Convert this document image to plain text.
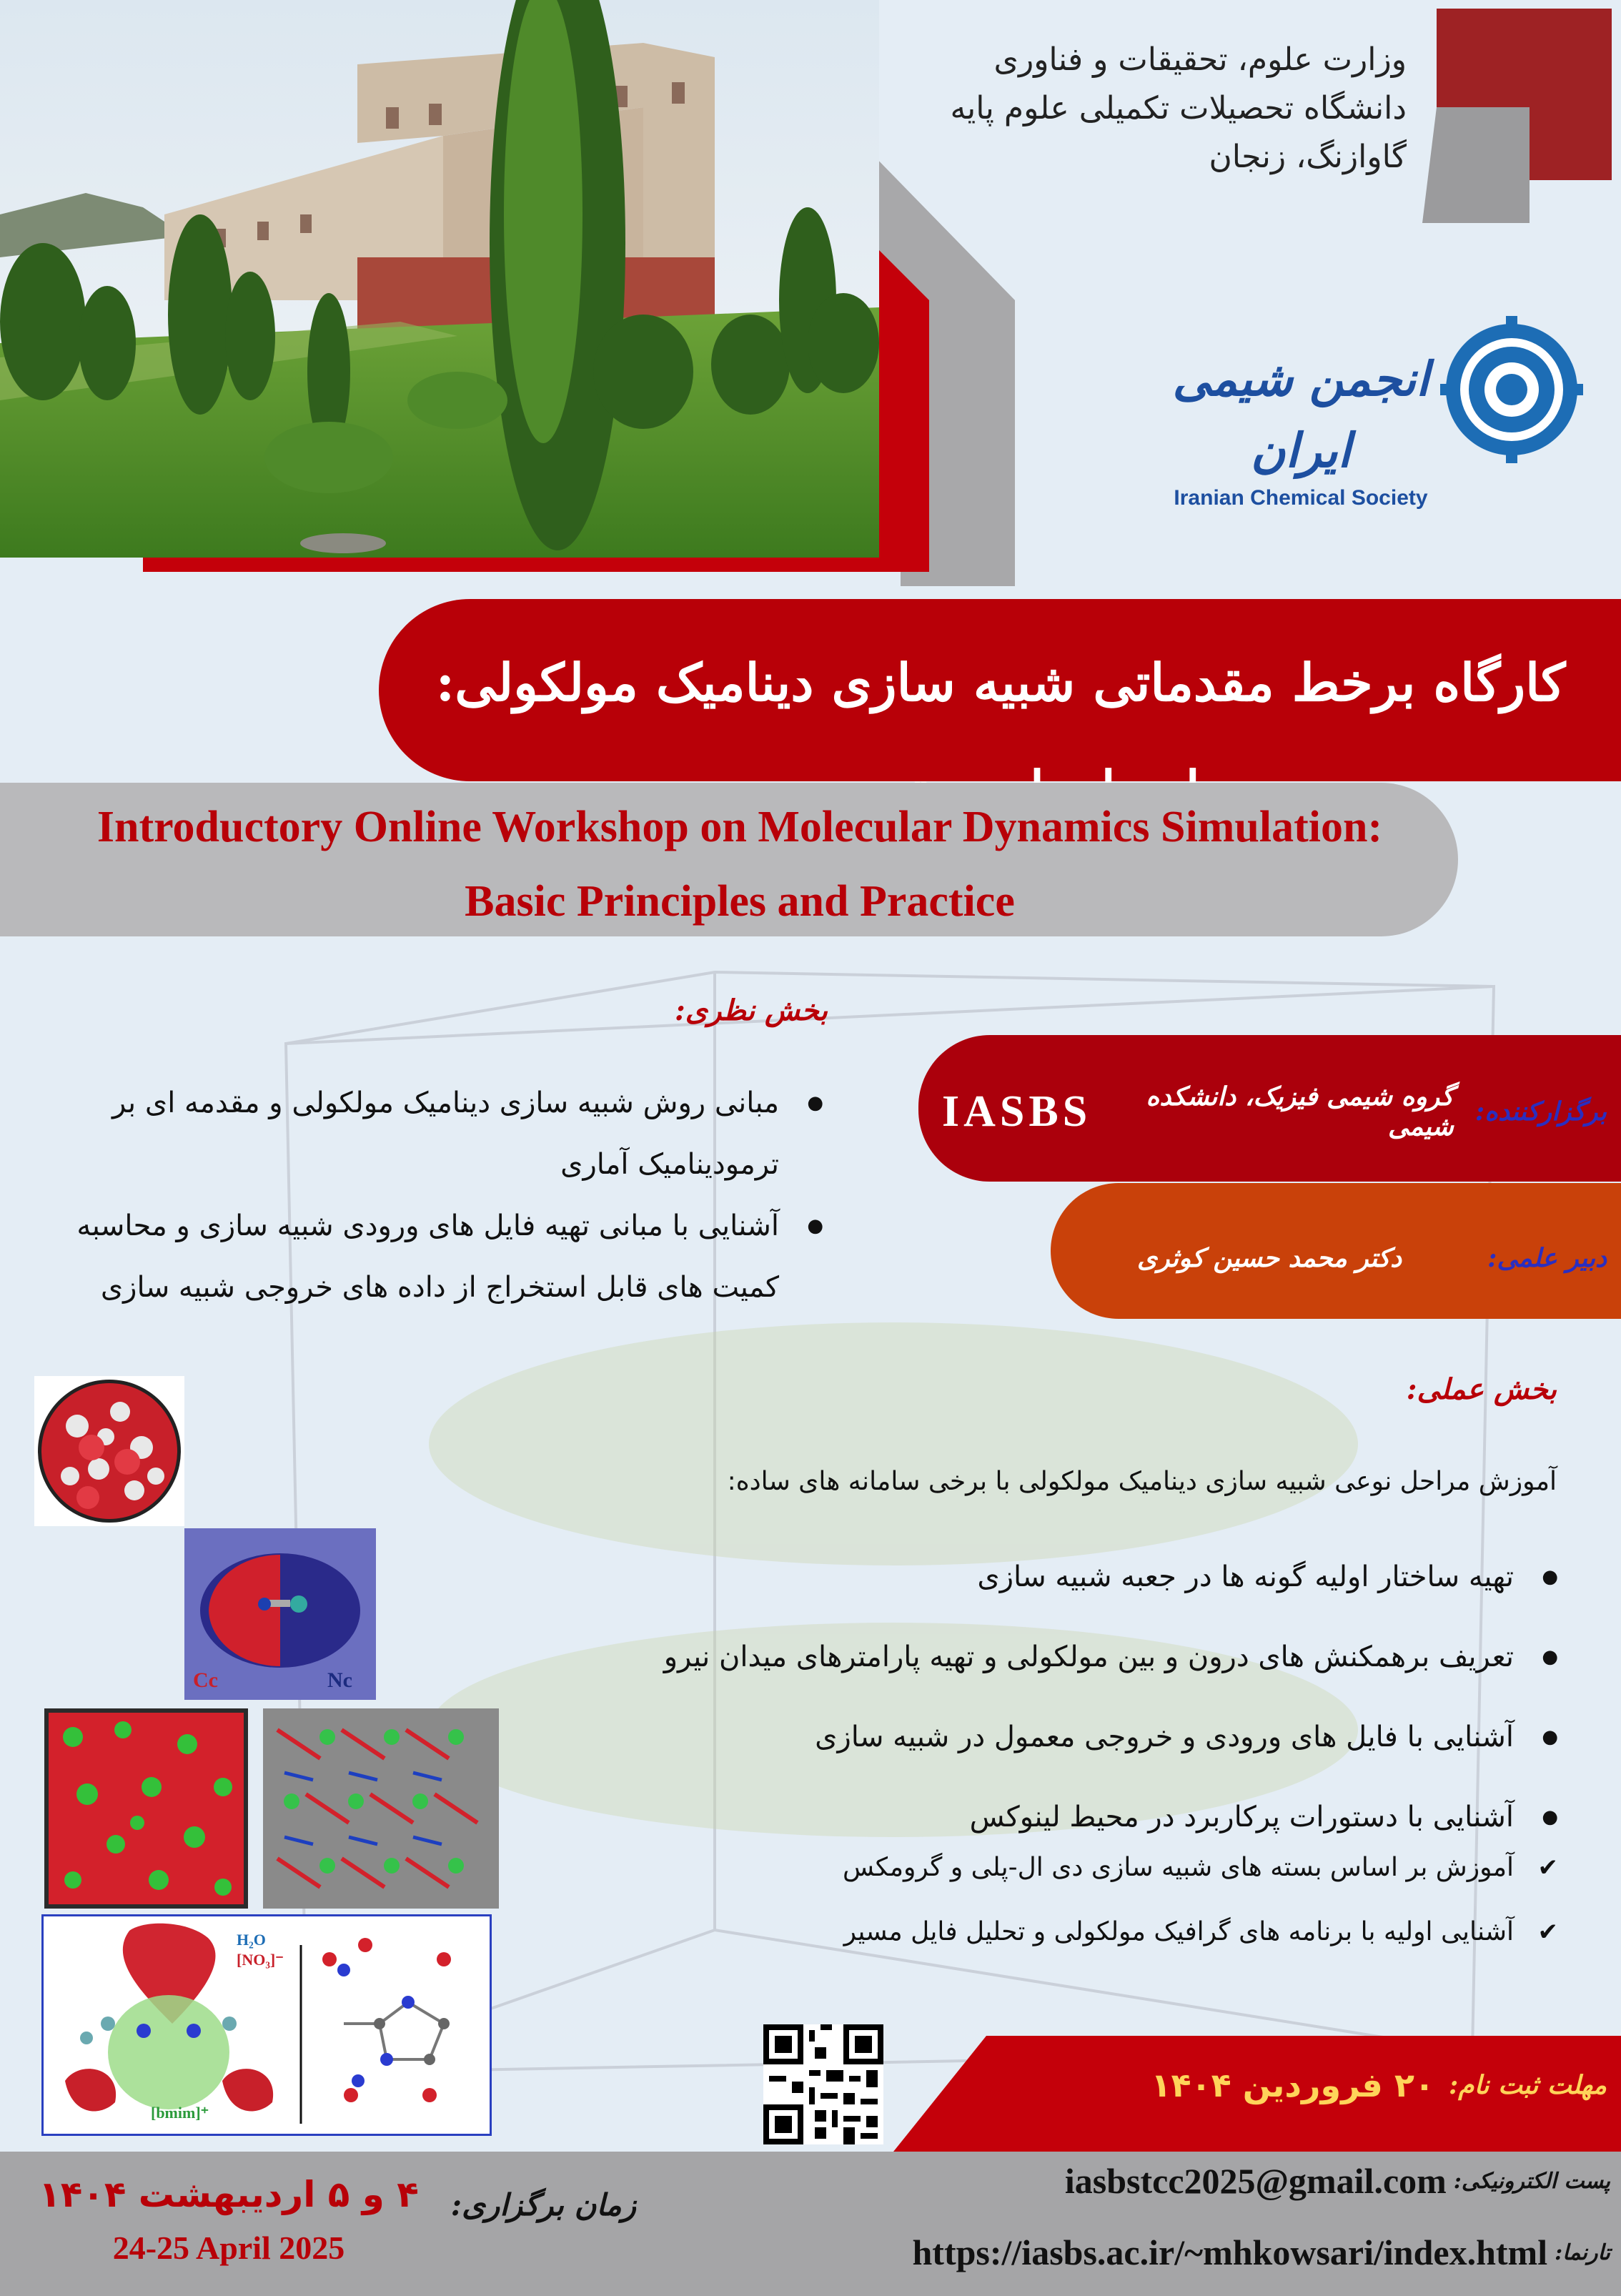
وزارت علوم، تحقیقات و فناوری
دانشگاه تحصیلات تکمیلی علوم پایه
گاوازنگ، زنجان
انجمن شیمی ایران
Iranian Chemical Society
کارگاه برخط مقدماتی شبیه سازی دینامیک مولکولی:
Introductory Online Workshop on Molecular Dynamics Simulation:
Basic Principles and Practice
بخش نظری:
● مبانی روش شبیه سازی دینامیک مولکولی و مقدمه ای بر ترمودینامیک آماری
● آشنایی با مبانی تهیه فایل های ورودی شبیه سازی و محاسبه کمیت های قابل استخراج از داده های خروجی شبیه سازی
برگزارکننده:
گروه شیمی فیزیک، دانشکده شیمی
IASBS
دبیر علمی:
دکتر محمد حسین کوثری
بخش عملی:
آموزش مراحل نوعی شبیه سازی دینامیک مولکولی با برخی سامانه های ساده:
● تهیه ساختار اولیه گونه ها در جعبه شبیه سازی
● تعریف برهمکنش های درون و بین مولکولی و تهیه پارامترهای میدان نیرو
● آشنایی با فایل های ورودی و خروجی معمول در شبیه سازی
● آشنایی با دستورات پرکاربرد در محیط لینوکس
✔ آموزش بر اساس بسته های شبیه سازی دی ال-پلی و گرومکس
✔ آشنایی اولیه با برنامه های گرافیک مولکولی و تحلیل فایل مسیر
Cc	Nc
H₂O
[NO₃]⁻
[bmim]⁺
مهلت ثبت نام:
۲۰ فروردین ۱۴۰۴
۴ و ۵ اردیبهشت ۱۴۰۴
24-25 April 2025
زمان برگزاری:
پست الکترونیکی:
iasbstcc2025@gmail.com
تارنما:
https://iasbs.ac.ir/~mhkowsari/index.html
